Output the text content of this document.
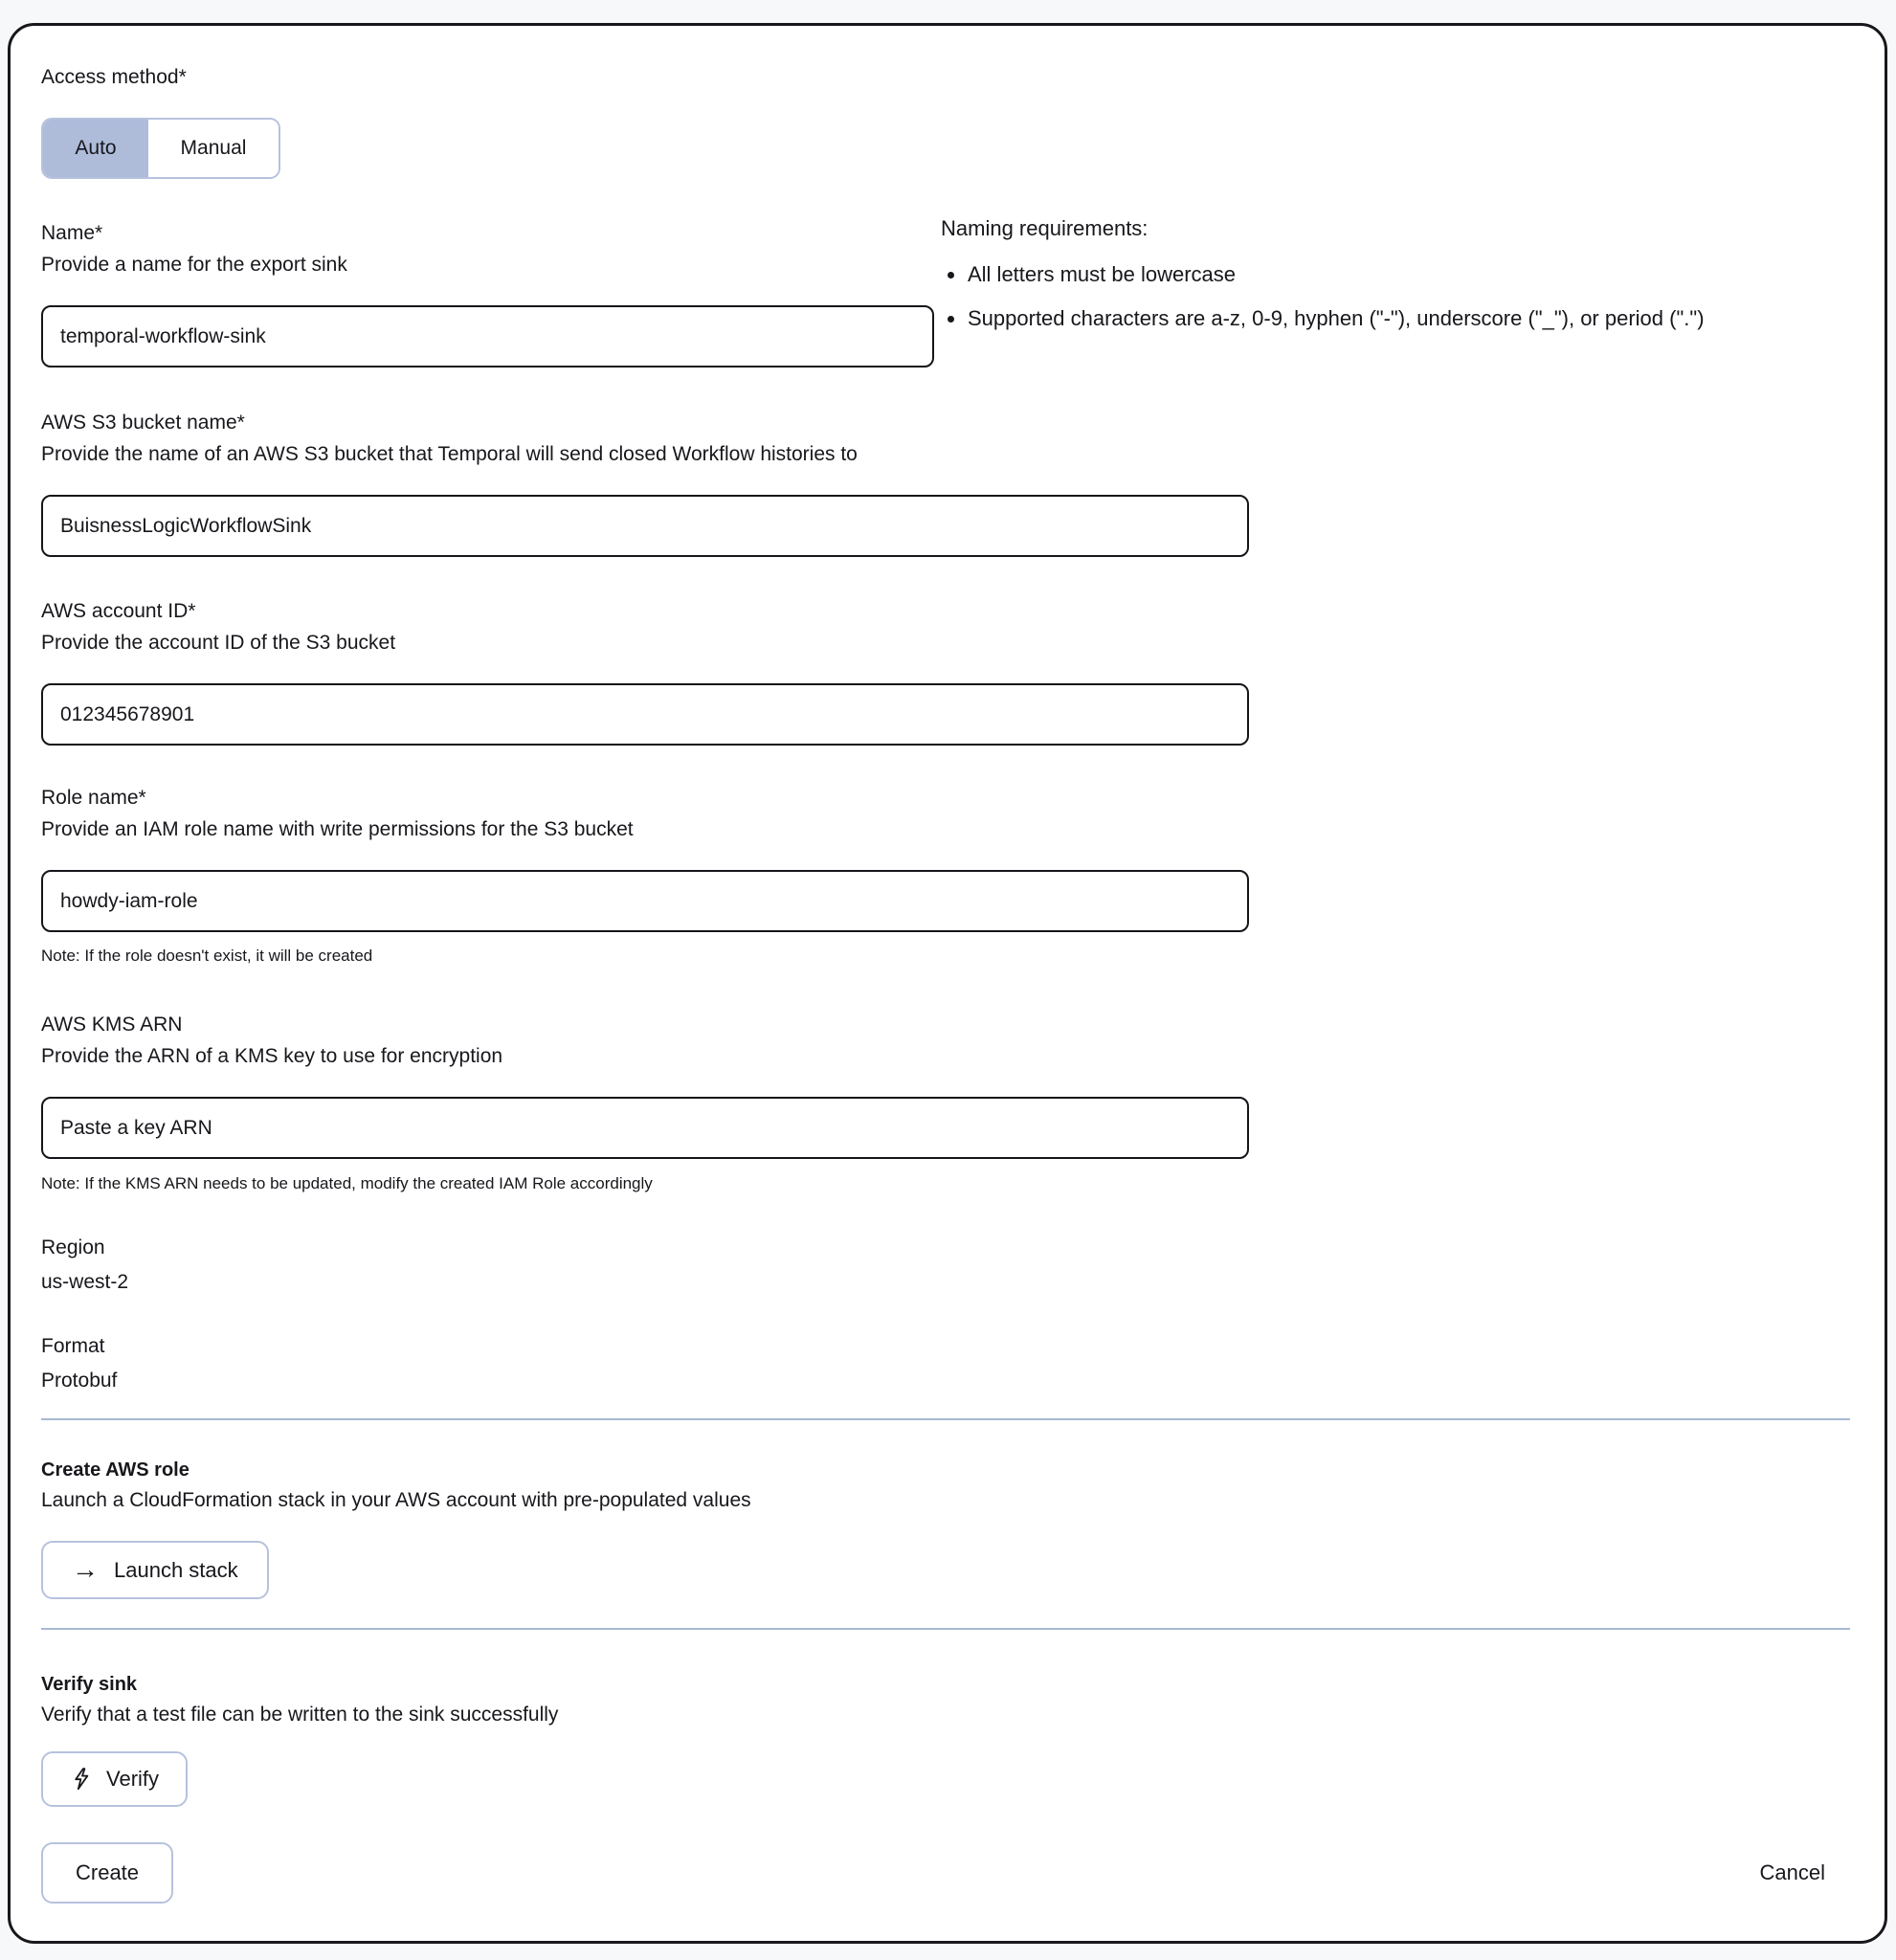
Access method*
Auto	Manual
Name*
Provide a name for the export sink
temporal-workflow-sink
Naming requirements:
All letters must be lowercase
Supported characters are a-z, 0-9, hyphen ("-"), underscore ("_"), or period (".")
AWS S3 bucket name*
Provide the name of an AWS S3 bucket that Temporal will send closed Workflow histories to
BuisnessLogicWorkflowSink
AWS account ID*
Provide the account ID of the S3 bucket
012345678901
Role name*
Provide an IAM role name with write permissions for the S3 bucket
howdy-iam-role
Note: If the role doesn't exist, it will be created
AWS KMS ARN
Provide the ARN of a KMS key to use for encryption
Paste a key ARN
Note: If the KMS ARN needs to be updated, modify the created IAM Role accordingly
Region
us-west-2
Format
Protobuf
Create AWS role
Launch a CloudFormation stack in your AWS account with pre-populated values
→ Launch stack
Verify sink
Verify that a test file can be written to the sink successfully
Verify
Create	Cancel
